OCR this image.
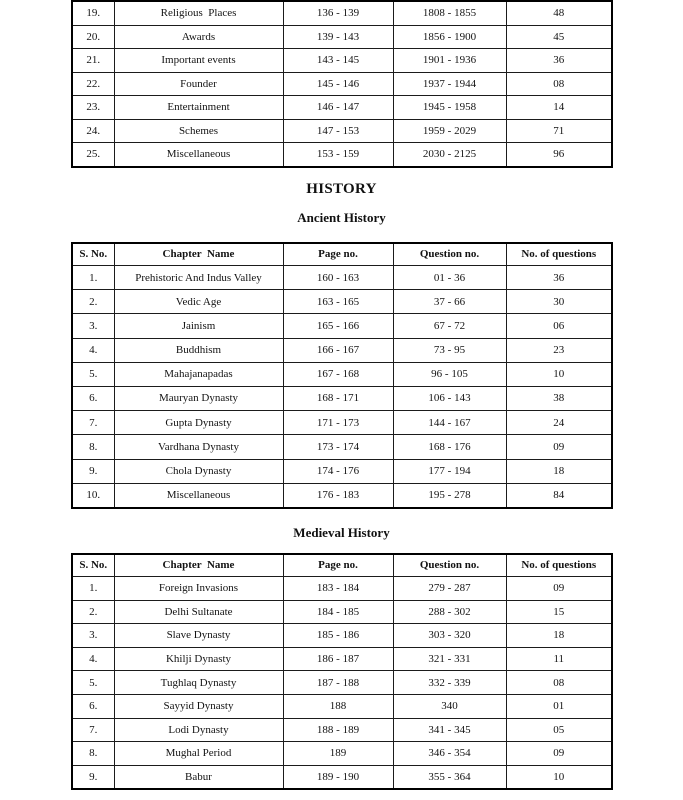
19.	Religious  Places	136 - 139	1808 - 1855	48
20.	Awards	139 - 143	1856 - 1900	45
21.	Important events	143 - 145	1901 - 1936	36
22.	Founder	145 - 146	1937 - 1944	08
23.	Entertainment	146 - 147	1945 - 1958	14
24.	Schemes	147 - 153	1959 - 2029	71
25.	Miscellaneous	153 - 159	2030 - 2125	96
HISTORY
Ancient History
S. No.	Chapter  Name	Page no.	Question no.	No. of questions
1.	Prehistoric And Indus Valley	160 - 163	01 - 36	36
2.	Vedic Age	163 - 165	37 - 66	30
3.	Jainism	165 - 166	67 - 72	06
4.	Buddhism	166 - 167	73 - 95	23
5.	Mahajanapadas	167 - 168	96 - 105	10
6.	Mauryan Dynasty	168 - 171	106 - 143	38
7.	Gupta Dynasty	171 - 173	144 - 167	24
8.	Vardhana Dynasty	173 - 174	168 - 176	09
9.	Chola Dynasty	174 - 176	177 - 194	18
10.	Miscellaneous	176 - 183	195 - 278	84
Medieval History
S. No.	Chapter  Name	Page no.	Question no.	No. of questions
1.	Foreign Invasions	183 - 184	279 - 287	09
2.	Delhi Sultanate	184 - 185	288 - 302	15
3.	Slave Dynasty	185 - 186	303 - 320	18
4.	Khilji Dynasty	186 - 187	321 - 331	11
5.	Tughlaq Dynasty	187 - 188	332 - 339	08
6.	Sayyid Dynasty	188	340	01
7.	Lodi Dynasty	188 - 189	341 - 345	05
8.	Mughal Period	189	346 - 354	09
9.	Babur	189 - 190	355 - 364	10
